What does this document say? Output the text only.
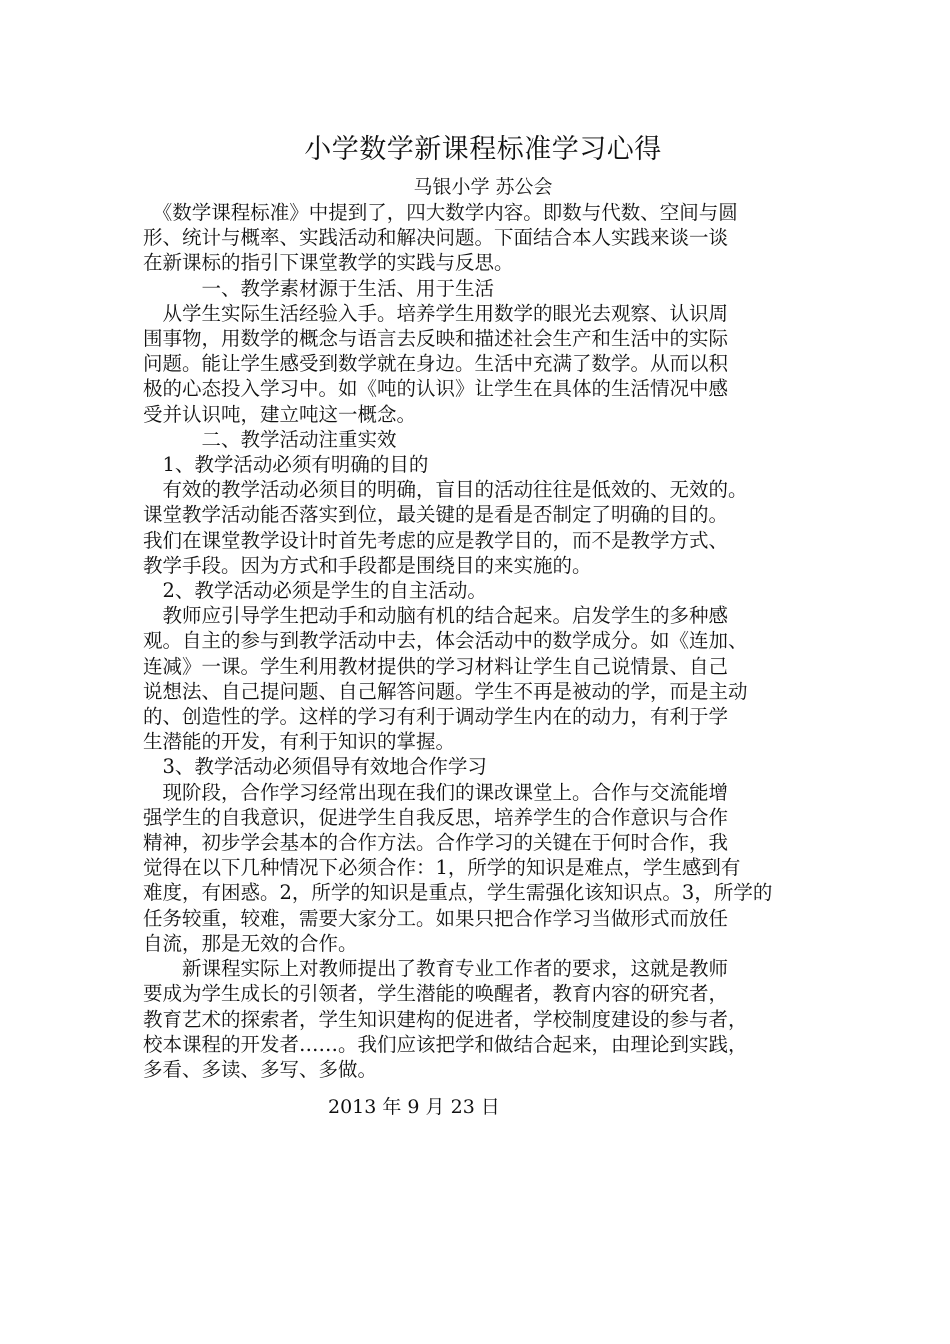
小学数学新课程标准学习心得

马银小学 苏公会

　《数学课程标准》中提到了，四大数学内容。即数与代数、空间与圆
形、统计与概率、实践活动和解决问题。下面结合本人实践来谈一谈
在新课标的指引下课堂教学的实践与反思。
　　　一、教学素材源于生活、用于生活
　从学生实际生活经验入手。培养学生用数学的眼光去观察、认识周
围事物，用数学的概念与语言去反映和描述社会生产和生活中的实际
问题。能让学生感受到数学就在身边。生活中充满了数学。从而以积
极的心态投入学习中。如《吨的认识》让学生在具体的生活情况中感
受并认识吨，建立吨这一概念。
　　　二、教学活动注重实效
　1、教学活动必须有明确的目的
　有效的教学活动必须目的明确，盲目的活动往往是低效的、无效的。
课堂教学活动能否落实到位，最关键的是看是否制定了明确的目的。
我们在课堂教学设计时首先考虑的应是教学目的，而不是教学方式、
教学手段。因为方式和手段都是围绕目的来实施的。
　2、教学活动必须是学生的自主活动。
　教师应引导学生把动手和动脑有机的结合起来。启发学生的多种感
观。自主的参与到教学活动中去，体会活动中的数学成分。如《连加、
连减》一课。学生利用教材提供的学习材料让学生自己说情景、自己
说想法、自己提问题、自己解答问题。学生不再是被动的学，而是主动
的、创造性的学。这样的学习有利于调动学生内在的动力，有利于学
生潜能的开发，有利于知识的掌握。
　3、教学活动必须倡导有效地合作学习
　现阶段，合作学习经常出现在我们的课改课堂上。合作与交流能增
强学生的自我意识，促进学生自我反思，培养学生的合作意识与合作
精神，初步学会基本的合作方法。合作学习的关键在于何时合作，我
觉得在以下几种情况下必须合作：1，所学的知识是难点，学生感到有
难度，有困惑。2，所学的知识是重点，学生需强化该知识点。3，所学的
任务较重，较难，需要大家分工。如果只把合作学习当做形式而放任
自流，那是无效的合作。
　　新课程实际上对教师提出了教育专业工作者的要求，这就是教师
要成为学生成长的引领者，学生潜能的唤醒者，教育内容的研究者，
教育艺术的探索者，学生知识建构的促进者，学校制度建设的参与者，
校本课程的开发者……。我们应该把学和做结合起来，由理论到实践，
多看、多读、多写、多做。
2013 年 9 月 23 日
